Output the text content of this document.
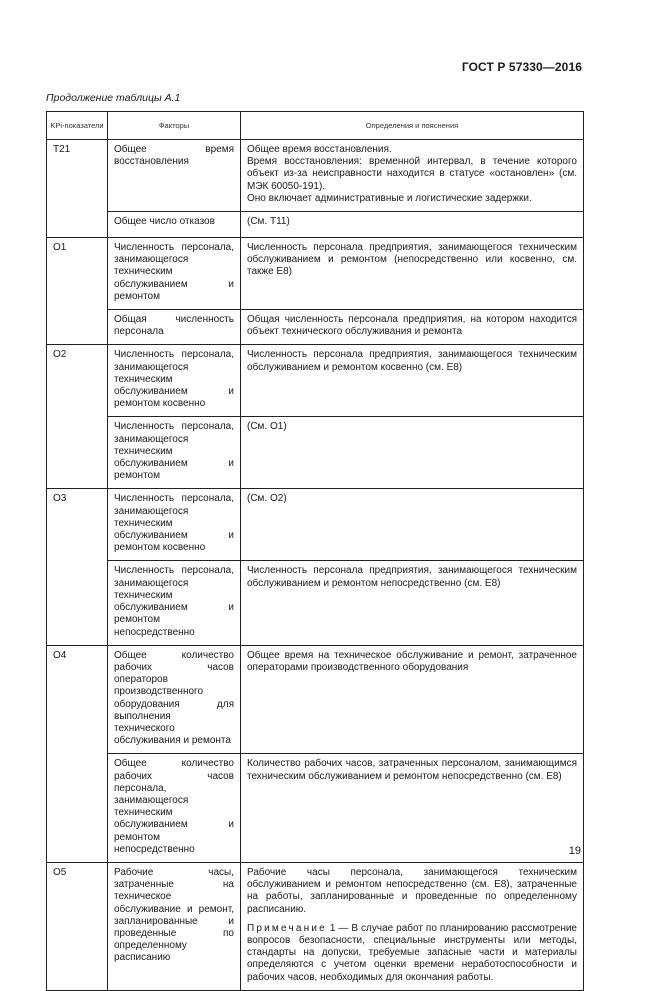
ГОСТ Р 57330—2016
Продолжение таблицы А.1
KPi-показатели	Факторы	Определения и пояснения
T21	Общее время восстановления	Общее время восстановления.

Время восстановления: временной интервал, в течение которого объект из-за неисправности находится в статусе «остановлен» (см. МЭК 60050-191).

Оно включает административные и логистические задержки.

	Общее число отказов	(См. Т11)
O1	Численность персонала, занимающегося техническим обслуживанием и ремонтом	Численность персонала предприятия, занимающегося техническим обслуживанием и ремонтом (непосредственно или косвенно, см. также Е8)
	Общая численность персонала	Общая численность персонала предприятия, на котором находится объект технического обслуживания и ремонта
O2	Численность персонала, занимающегося техническим обслуживанием и ремонтом косвенно	Численность персонала предприятия, занимающегося техническим обслуживанием и ремонтом косвенно (см. Е8)
	Численность персонала, занимающегося техническим обслуживанием и ремонтом	(См. O1)
O3	Численность персонала, занимающегося техническим обслуживанием и ремонтом косвенно	(См. O2)
	Численность персонала, занимающегося техническим обслуживанием и ремонтом непосредственно	Численность персонала предприятия, занимающегося техническим обслуживанием и ремонтом непосредственно (см. Е8)
O4	Общее количество рабочих часов операторов производственного оборудования для выполнения технического обслуживания и ремонта	Общее время на техническое обслуживание и ремонт, затраченное операторами производственного оборудования
	Общее количество рабочих часов персонала, занимающегося техническим обслуживанием и ремонтом непосредственно	Количество рабочих часов, затраченных персоналом, занимающимся техническим обслуживанием и ремонтом непосредственно (см. Е8)
O5	Рабочие часы, затраченные на техническое обслуживание и ремонт, запланированные и проведенные по определенному расписанию	Рабочие часы персонала, занимающегося техническим обслуживанием и ремонтом непосредственно (см. Е8), затраченные на работы, запланированные и проведенные по определенному расписанию.

Примечание 1 — В случае работ по планированию рассмотрение вопросов безопасности, специальные инструменты или методы, стандарты на допуски, требуемые запасные части и материалы определяются с учетом оценки времени неработоспособности и рабочих часов, необходимых для окончания работы.

19
